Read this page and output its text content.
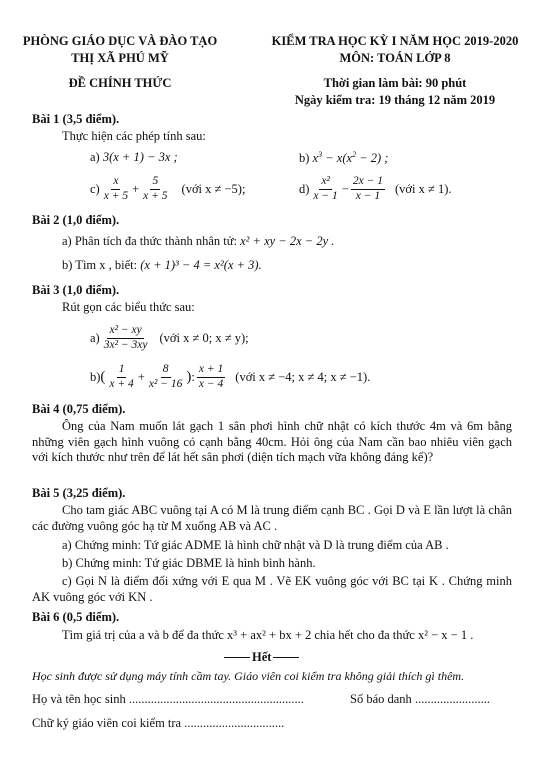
PHÒNG GIÁO DỤC VÀ ĐÀO TẠO
THỊ XÃ PHÚ MỸ
ĐỀ CHÍNH THỨC
KIỂM TRA HỌC KỲ I NĂM HỌC 2019-2020
MÔN: TOÁN LỚP 8
Thời gian làm bài: 90 phút
Ngày kiểm tra: 19 tháng 12 năm 2019
Bài 1 (3,5 điểm).
Thực hiện các phép tính sau:
a) 3(x + 1) − 3x ;	b) $x^3 - x(x^2 - 2)$ ;
$c) \frac{x}{x + 5} + \frac{5}{x + 5}$ (với x ≠ −5);	$d) \frac{\text{x²}}{x - 1} - \frac{2x - 1}{x - 1}$ (với x ≠ 1).
Bài 2 (1,0 điểm).
a) Phân tích đa thức thành nhân tử: x² + xy − 2x − 2y .
b) Tìm x , biết: (x + 1)³ − 4 = x²(x + 3).
Bài 3 (1,0 điểm).
Rút gọn các biểu thức sau:
$a) \frac{\text{x² − xy}}{\text{3x² − 3xy}}$ (với x ≠ 0; x ≠ y);
b) ( $\frac{1}{x + 4} + \frac{8}{\text{x² − 16}}$ ) : $\frac{x + 1}{x - 4}$ (với x ≠ −4; x ≠ 4; x ≠ −1).
Bài 4 (0,75 điểm).
Ông của Nam muốn lát gạch 1 sân phơi hình chữ nhật có kích thước 4m và 6m bằng những viên gạch hình vuông có cạnh bằng 40cm. Hỏi ông của Nam cần bao nhiêu viên gạch với kích thước như trên để lát hết sân phơi (diện tích mạch vữa không đáng kể)?
Bài 5 (3,25 điểm).
Cho tam giác ABC vuông tại A có M là trung điểm cạnh BC . Gọi D và E lần lượt là chân các đường vuông góc hạ từ M xuống AB và AC .
a) Chứng minh: Tứ giác ADME là hình chữ nhật và D là trung điểm của AB .
b) Chứng minh: Tứ giác DBME là hình bình hành.
c) Gọi N là điểm đối xứng với E qua M . Vẽ EK vuông góc với BC tại K . Chứng minh AK vuông góc với KN .
Bài 6 (0,5 điểm).
Tìm giá trị của a và b để đa thức x³ + ax² + bx + 2 chia hết cho đa thức x² − x − 1 .
Hết
Học sinh được sử dụng máy tính cầm tay. Giáo viên coi kiểm tra không giải thích gì thêm.
Họ và tên học sinh ........................................................	Số báo danh ........................
Chữ ký giáo viên coi kiểm tra ................................
